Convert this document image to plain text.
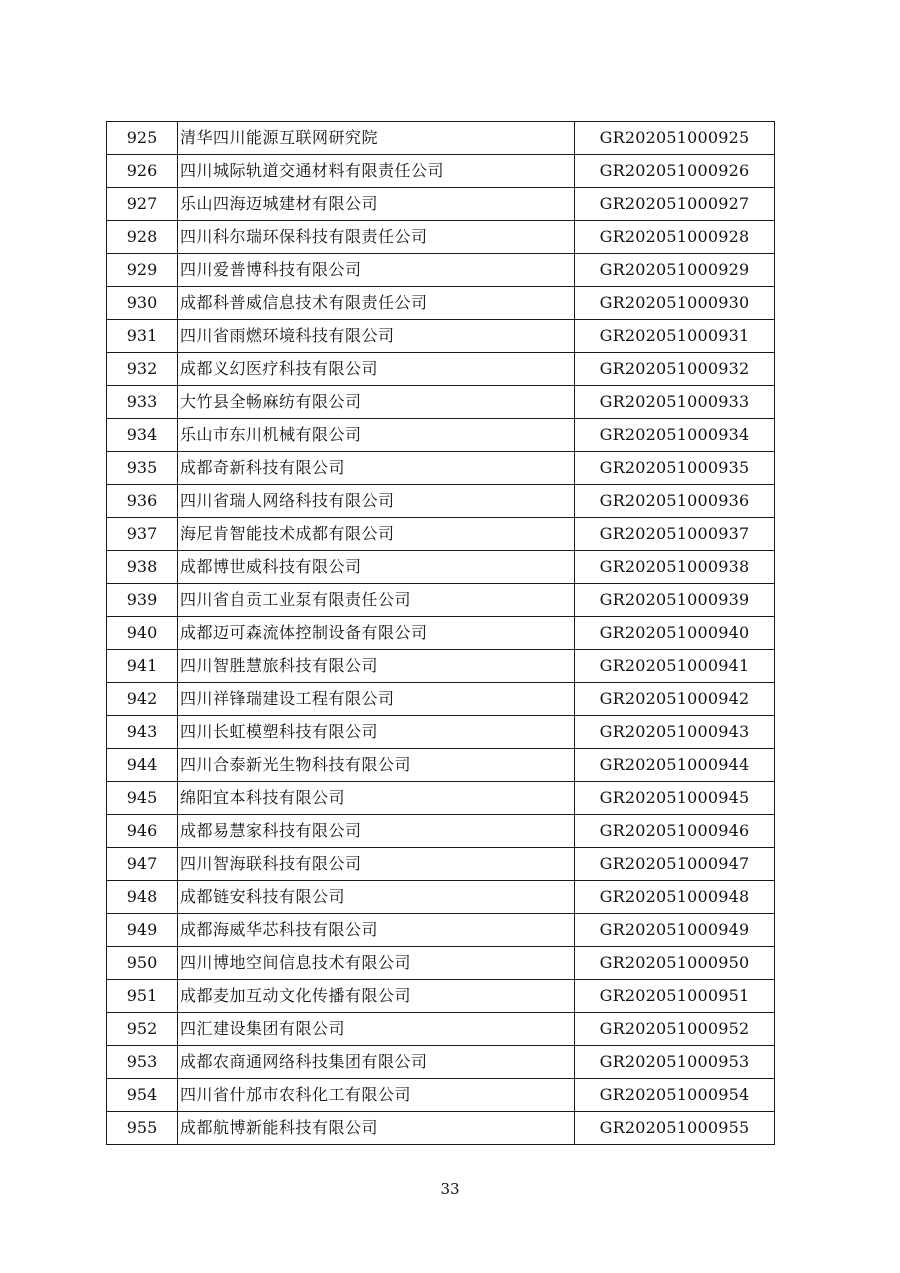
925	清华四川能源互联网研究院	GR202051000925
926	四川城际轨道交通材料有限责任公司	GR202051000926
927	乐山四海迈城建材有限公司	GR202051000927
928	四川科尔瑞环保科技有限责任公司	GR202051000928
929	四川爱普博科技有限公司	GR202051000929
930	成都科普威信息技术有限责任公司	GR202051000930
931	四川省雨燃环境科技有限公司	GR202051000931
932	成都义幻医疗科技有限公司	GR202051000932
933	大竹县全畅麻纺有限公司	GR202051000933
934	乐山市东川机械有限公司	GR202051000934
935	成都奇新科技有限公司	GR202051000935
936	四川省瑞人网络科技有限公司	GR202051000936
937	海尼肯智能技术成都有限公司	GR202051000937
938	成都博世威科技有限公司	GR202051000938
939	四川省自贡工业泵有限责任公司	GR202051000939
940	成都迈可森流体控制设备有限公司	GR202051000940
941	四川智胜慧旅科技有限公司	GR202051000941
942	四川祥锋瑞建设工程有限公司	GR202051000942
943	四川长虹模塑科技有限公司	GR202051000943
944	四川合泰新光生物科技有限公司	GR202051000944
945	绵阳宜本科技有限公司	GR202051000945
946	成都易慧家科技有限公司	GR202051000946
947	四川智海联科技有限公司	GR202051000947
948	成都链安科技有限公司	GR202051000948
949	成都海威华芯科技有限公司	GR202051000949
950	四川博地空间信息技术有限公司	GR202051000950
951	成都麦加互动文化传播有限公司	GR202051000951
952	四汇建设集团有限公司	GR202051000952
953	成都农商通网络科技集团有限公司	GR202051000953
954	四川省什邡市农科化工有限公司	GR202051000954
955	成都航博新能科技有限公司	GR202051000955
33
